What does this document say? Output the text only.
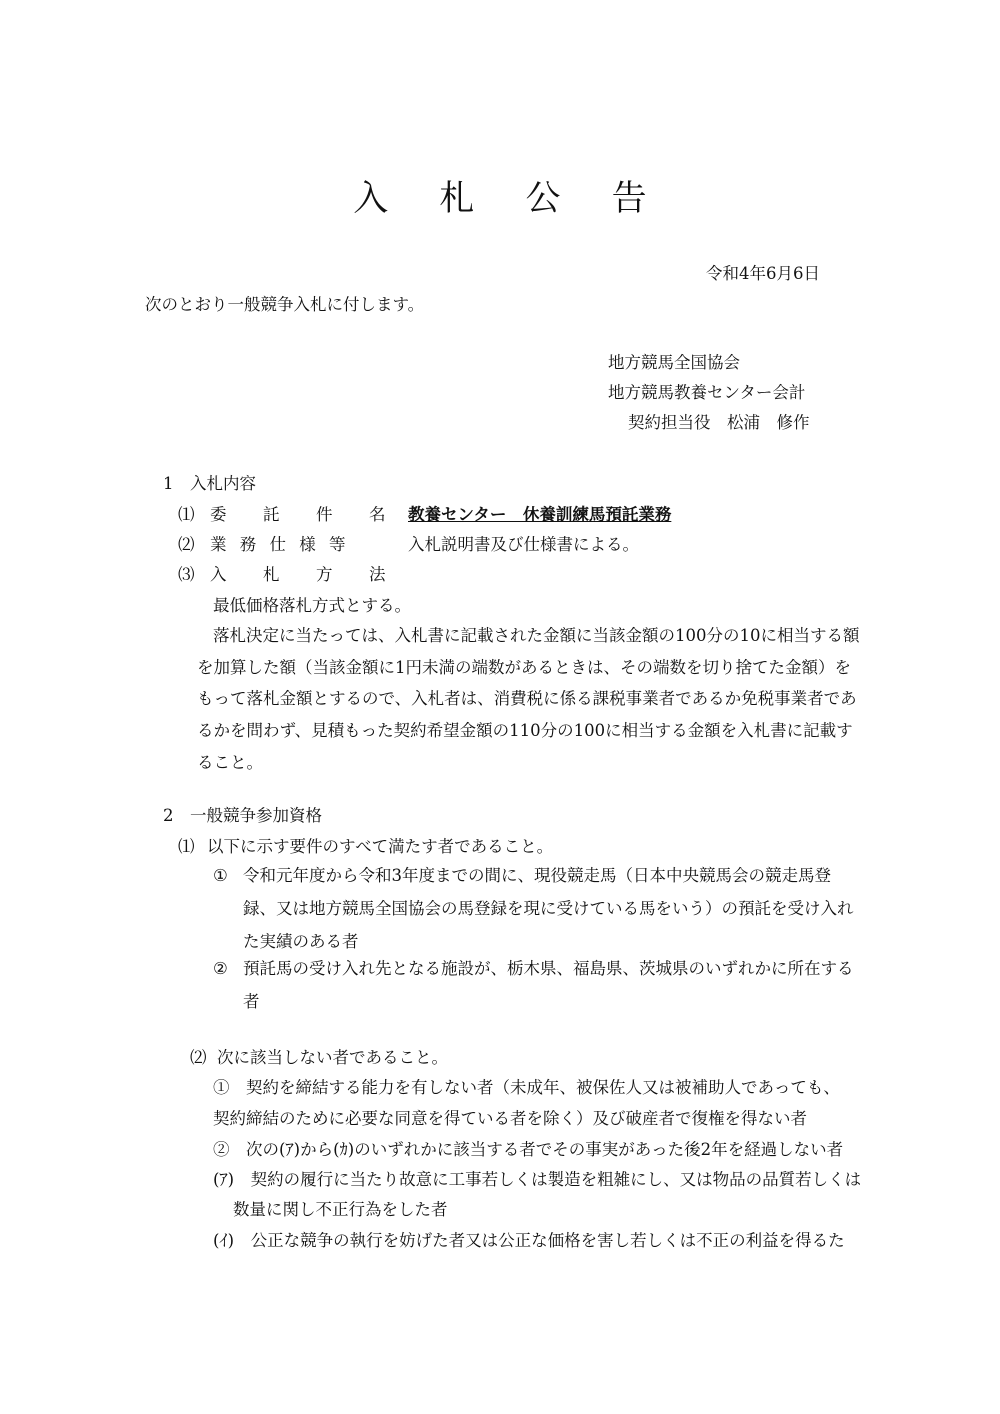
入 札 公 告
令和4年6月6日
次のとおり一般競争入札に付します。
地方競馬全国協会
地方競馬教養センター会計
契約担当役　松浦　修作
1　入札内容
⑴ 委　託　件　名 教養センター　休養訓練馬預託業務
⑵ 業 務 仕 様 等	入札説明書及び仕様書による。
⑶ 入　札　方　法
最低価格落札方式とする。
落札決定に当たっては、入札書に記載された金額に当該金額の100分の10に相当する額を加算した額（当該金額に1円未満の端数があるときは、その端数を切り捨てた金額）をもって落札金額とするので、入札者は、消費税に係る課税事業者であるか免税事業者であるかを問わず、見積もった契約希望金額の110分の100に相当する金額を入札書に記載すること。
2　一般競争参加資格
⑴ 以下に示す要件のすべて満たす者であること。
① 令和元年度から令和3年度までの間に、現役競走馬（日本中央競馬会の競走馬登録、又は地方競馬全国協会の馬登録を現に受けている馬をいう）の預託を受け入れた実績のある者
② 預託馬の受け入れ先となる施設が、栃木県、福島県、茨城県のいずれかに所在する者
⑵ 次に該当しない者であること。
①　契約を締結する能力を有しない者（未成年、被保佐人又は被補助人であっても、
契約締結のために必要な同意を得ている者を除く）及び破産者で復権を得ない者
②　次の(ｱ)から(ｶ)のいずれかに該当する者でその事実があった後2年を経過しない者
(ｱ)　契約の履行に当たり故意に工事若しくは製造を粗雑にし、又は物品の品質若しくは
数量に関し不正行為をした者
(ｲ)　公正な競争の執行を妨げた者又は公正な価格を害し若しくは不正の利益を得るた
